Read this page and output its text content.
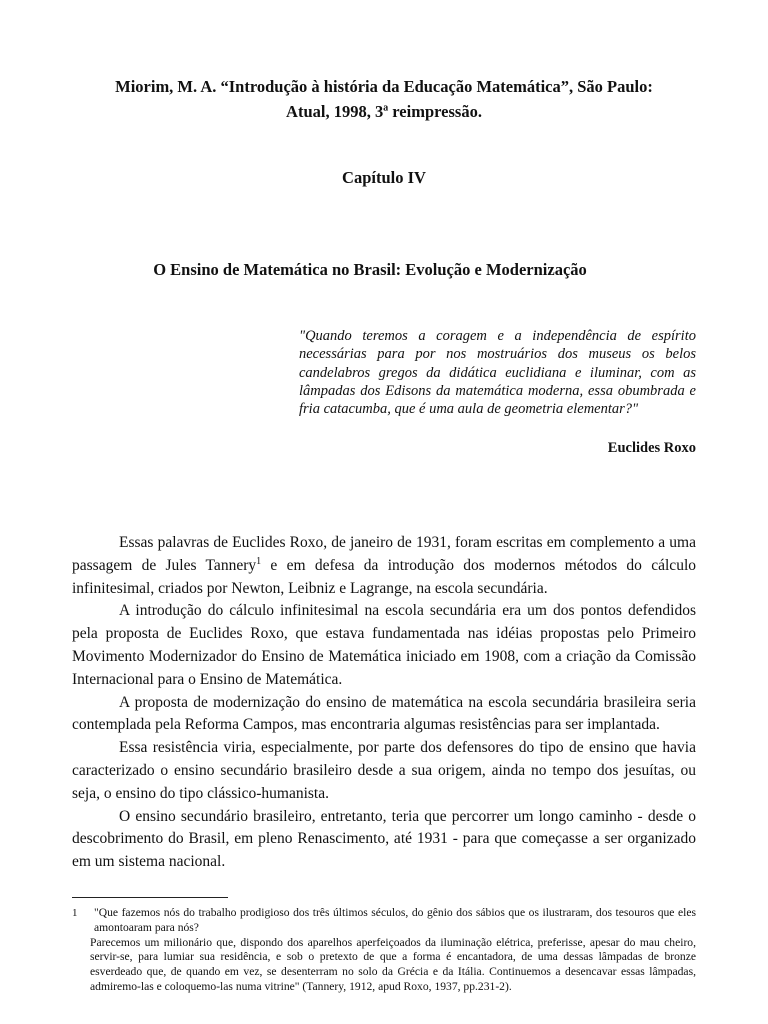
Miorim, M. A. “Introdução à história da Educação Matemática”, São Paulo:
Atual, 1998, 3ª reimpressão.
Capítulo IV
O Ensino de Matemática no Brasil: Evolução e Modernização
"Quando teremos a coragem e a independência de espírito necessárias para por nos mostruários dos museus os belos candelabros gregos da didática euclidiana e iluminar, com as lâmpadas dos Edisons da matemática moderna, essa obumbrada e fria catacumba, que é uma aula de geometria elementar?"
Euclides Roxo

Essas palavras de Euclides Roxo, de janeiro de 1931, foram escritas em complemento a uma passagem de Jules Tannery$^1$ e em defesa da introdução dos modernos métodos do cálculo infinitesimal, criados por Newton, Leibniz e Lagrange, na escola secundária.

A introdução do cálculo infinitesimal na escola secundária era um dos pontos defendidos pela proposta de Euclides Roxo, que estava fundamentada nas idéias propostas pelo Primeiro Movimento Modernizador do Ensino de Matemática iniciado em 1908, com a criação da Comissão Internacional para o Ensino de Matemática.

A proposta de modernização do ensino de matemática na escola secundária brasileira seria contemplada pela Reforma Campos, mas encontraria algumas resistências para ser implantada.

Essa resistência viria, especialmente, por parte dos defensores do tipo de ensino que havia caracterizado o ensino secundário brasileiro desde a sua origem, ainda no tempo dos jesuítas, ou seja, o ensino do tipo clássico-humanista.

O ensino secundário brasileiro, entretanto, teria que percorrer um longo caminho - desde o descobrimento do Brasil, em pleno Renascimento, até 1931 - para que começasse a ser organizado em um sistema nacional.

1	"Que fazemos nós do trabalho prodigioso dos três últimos séculos, do gênio dos sábios que os ilustraram, dos tesouros que eles amontoaram para nós?
Parecemos um milionário que, dispondo dos aparelhos aperfeiçoados da iluminação elétrica, preferisse, apesar do mau cheiro, servir-se, para lumiar sua residência, e sob o pretexto de que a forma é encantadora, de uma dessas lâmpadas de bronze esverdeado que, de quando em vez, se desenterram no solo da Grécia e da Itália. Continuemos a desencavar essas lâmpadas, admiremo-las e coloquemo-las numa vitrine" (Tannery, 1912, apud Roxo, 1937, pp.231-2).
